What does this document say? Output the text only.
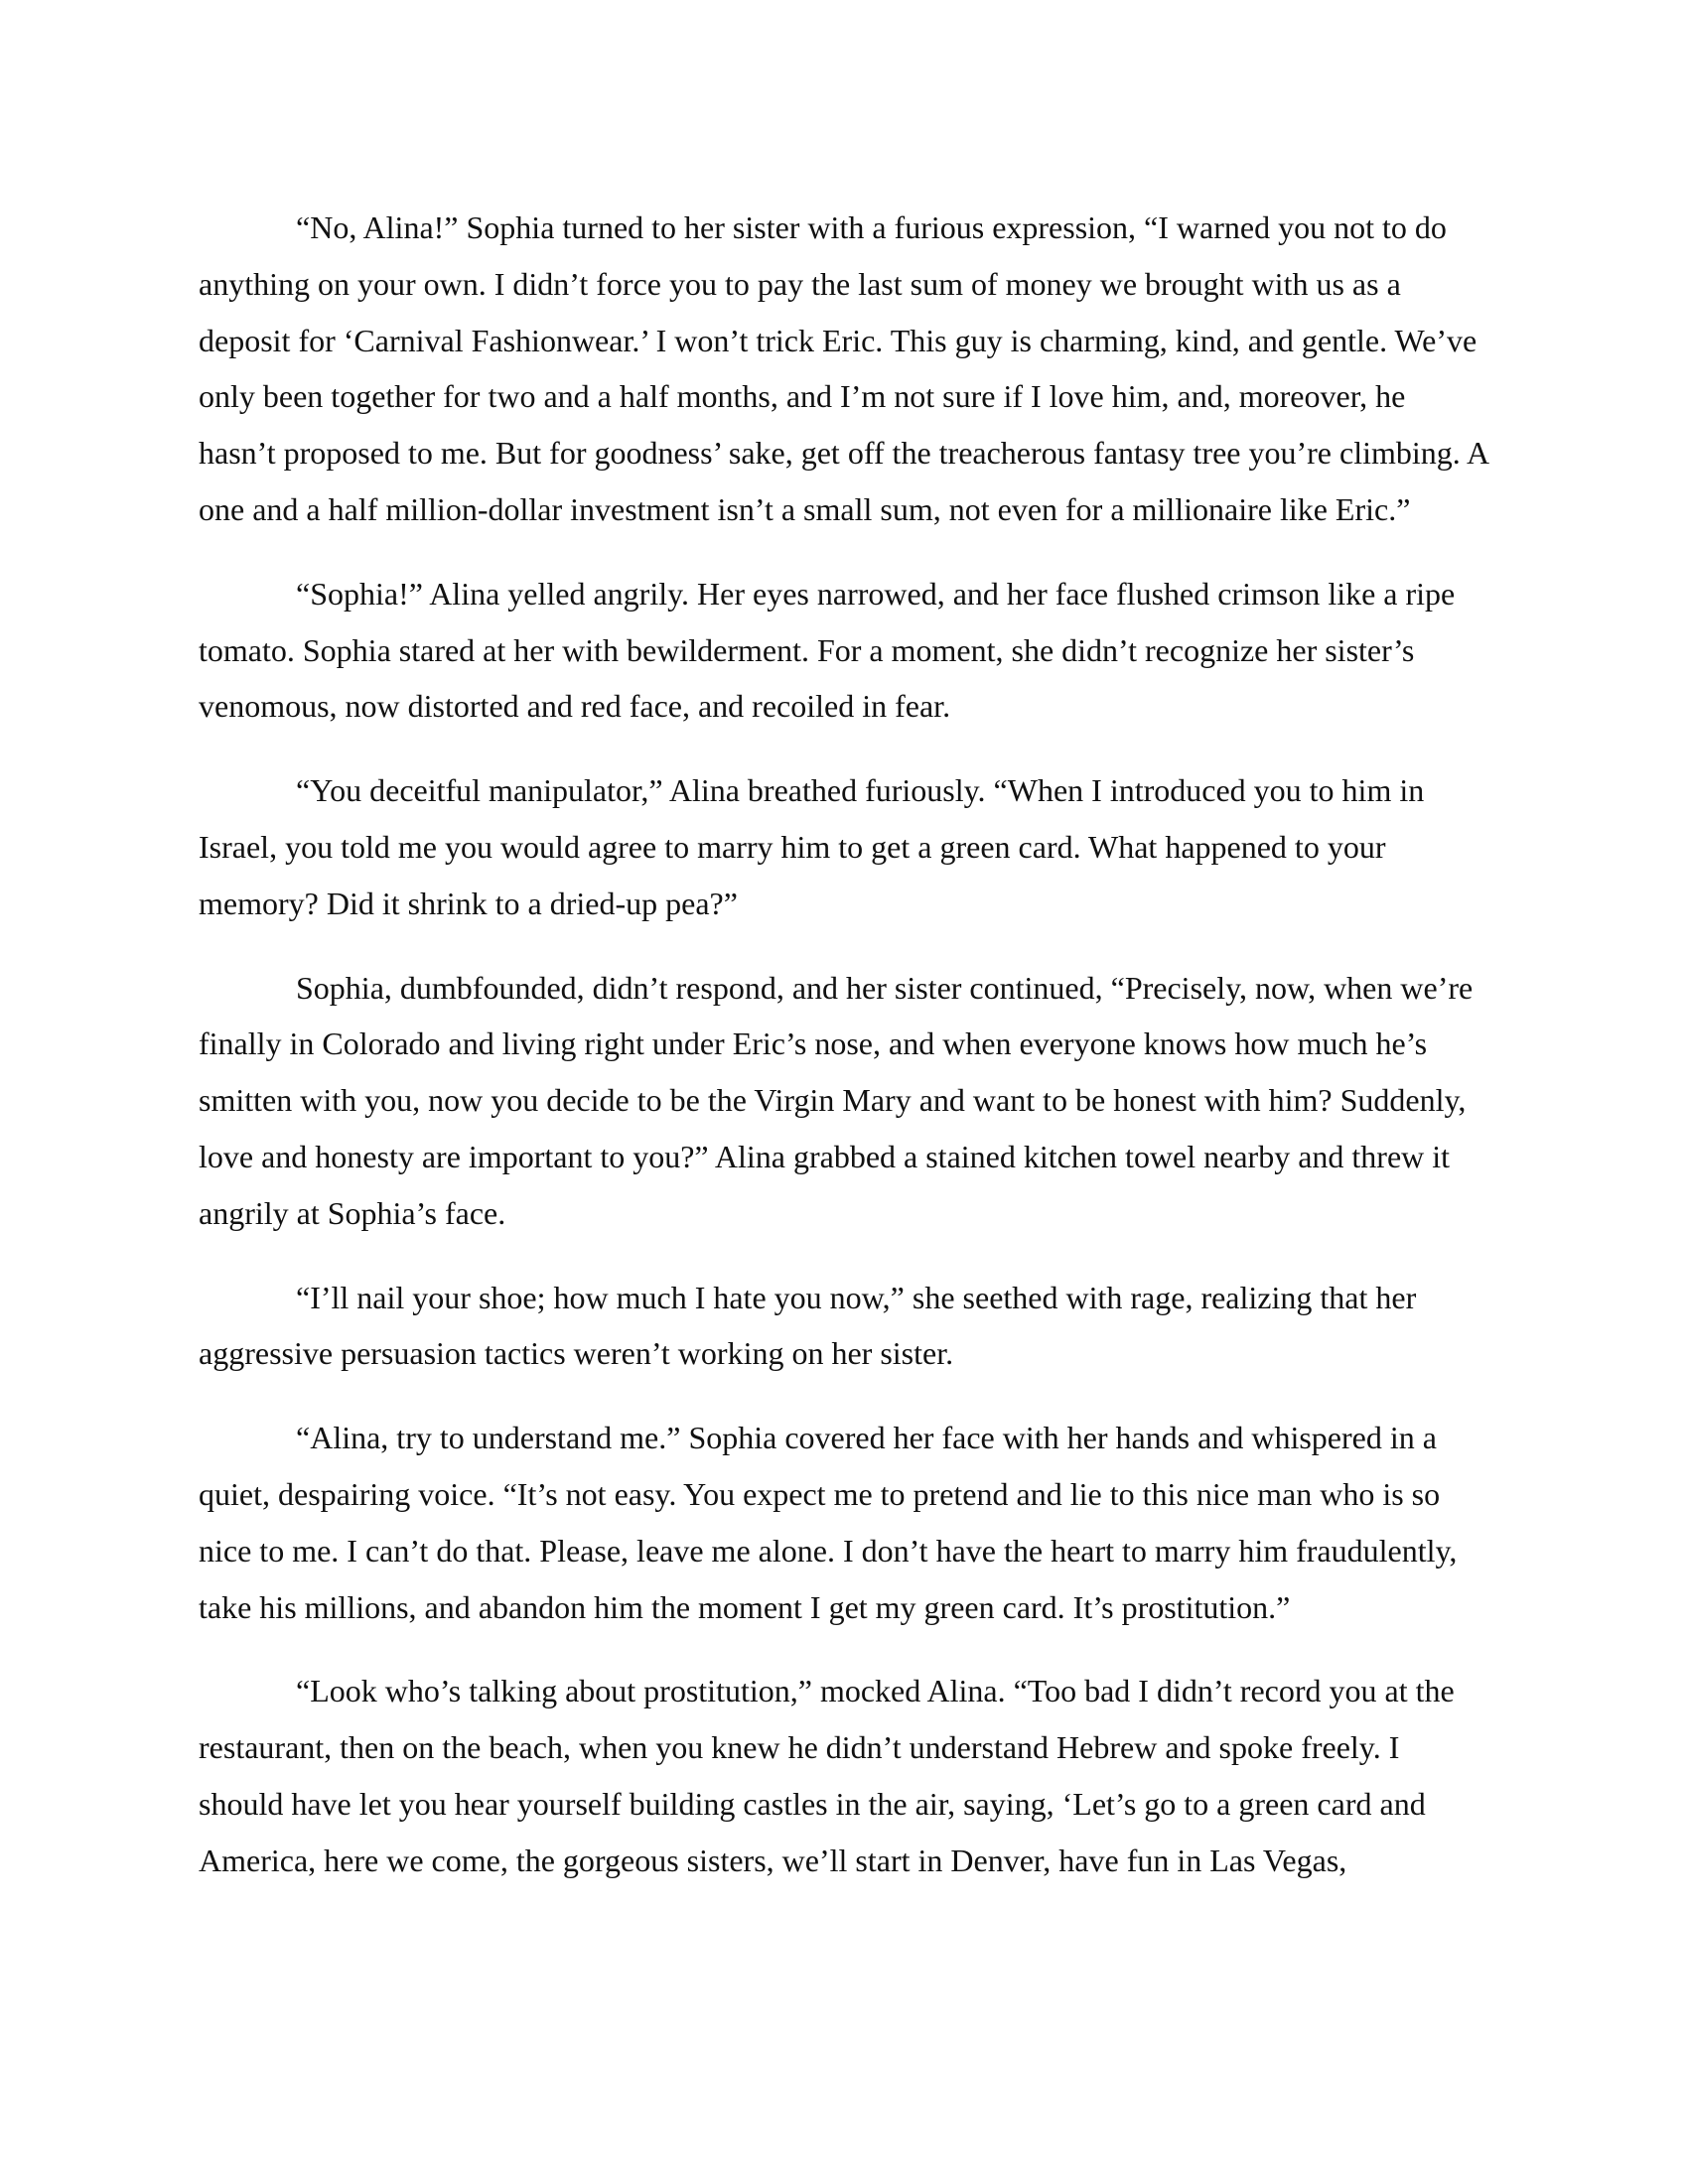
“No, Alina!” Sophia turned to her sister with a furious expression, “I warned you not to do anything on your own. I didn’t force you to pay the last sum of money we brought with us as a deposit for ‘Carnival Fashionwear.’ I won’t trick Eric. This guy is charming, kind, and gentle. We’ve only been together for two and a half months, and I’m not sure if I love him, and, moreover, he hasn’t proposed to me. But for goodness’ sake, get off the treacherous fantasy tree you’re climbing. A one and a half million-dollar investment isn’t a small sum, not even for a millionaire like Eric.”

“Sophia!” Alina yelled angrily. Her eyes narrowed, and her face flushed crimson like a ripe tomato. Sophia stared at her with bewilderment. For a moment, she didn’t recognize her sister’s venomous, now distorted and red face, and recoiled in fear.

“You deceitful manipulator,” Alina breathed furiously. “When I introduced you to him in Israel, you told me you would agree to marry him to get a green card. What happened to your memory? Did it shrink to a dried-up pea?”

Sophia, dumbfounded, didn’t respond, and her sister continued, “Precisely, now, when we’re finally in Colorado and living right under Eric’s nose, and when everyone knows how much he’s smitten with you, now you decide to be the Virgin Mary and want to be honest with him? Suddenly, love and honesty are important to you?” Alina grabbed a stained kitchen towel nearby and threw it angrily at Sophia’s face.

“I’ll nail your shoe; how much I hate you now,” she seethed with rage, realizing that her aggressive persuasion tactics weren’t working on her sister.

“Alina, try to understand me.” Sophia covered her face with her hands and whispered in a quiet, despairing voice. “It’s not easy. You expect me to pretend and lie to this nice man who is so nice to me. I can’t do that. Please, leave me alone. I don’t have the heart to marry him fraudulently, take his millions, and abandon him the moment I get my green card. It’s prostitution.”

“Look who’s talking about prostitution,” mocked Alina. “Too bad I didn’t record you at the restaurant, then on the beach, when you knew he didn’t understand Hebrew and spoke freely. I should have let you hear yourself building castles in the air, saying, ‘Let’s go to a green card and America, here we come, the gorgeous sisters, we’ll start in Denver, have fun in Las Vegas,
